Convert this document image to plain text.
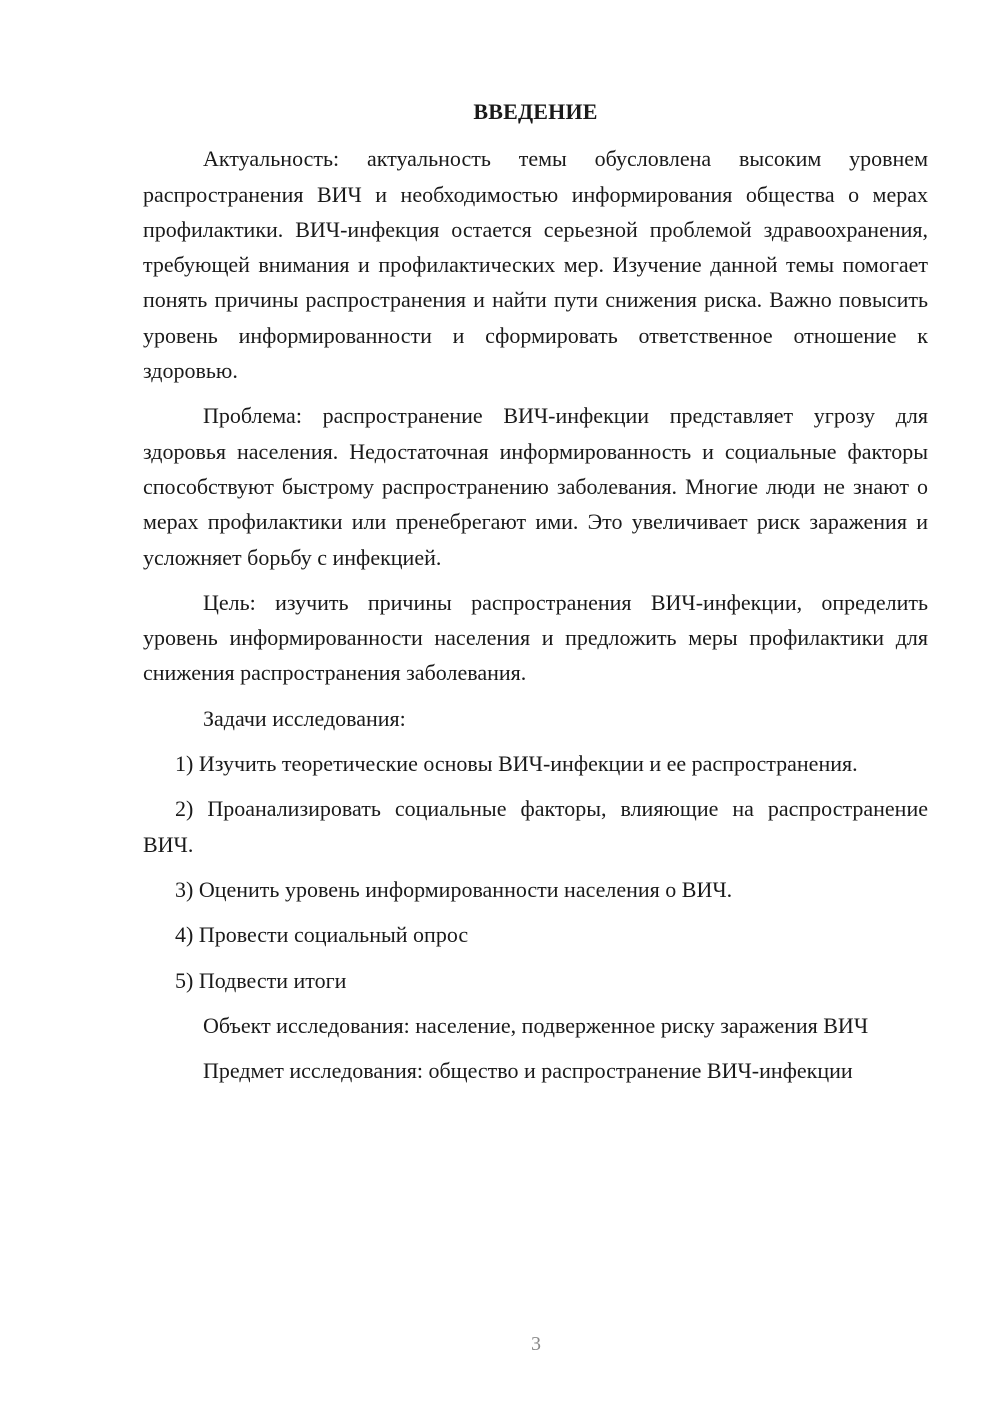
ВВЕДЕНИЕ

Актуальность: актуальность темы обусловлена высоким уровнем распространения ВИЧ и необходимостью информирования общества о мерах профилактики. ВИЧ-инфекция остается серьезной проблемой здравоохранения, требующей внимания и профилактических мер. Изучение данной темы помогает понять причины распространения и найти пути снижения риска. Важно повысить уровень информированности и сформировать ответственное отношение к здоровью.

Проблема: распространение ВИЧ-инфекции представляет угрозу для здоровья населения. Недостаточная информированность и социальные факторы способствуют быстрому распространению заболевания. Многие люди не знают о мерах профилактики или пренебрегают ими. Это увеличивает риск заражения и усложняет борьбу с инфекцией.

Цель: изучить причины распространения ВИЧ-инфекции, определить уровень информированности населения и предложить меры профилактики для снижения распространения заболевания.

Задачи исследования:

1) Изучить теоретические основы ВИЧ-инфекции и ее распространения.

2) Проанализировать социальные факторы, влияющие на распространение ВИЧ.

3) Оценить уровень информированности населения о ВИЧ.

4) Провести социальный опрос

5) Подвести итоги

Объект исследования: население, подверженное риску заражения ВИЧ

Предмет исследования: общество и распространение ВИЧ-инфекции

3
